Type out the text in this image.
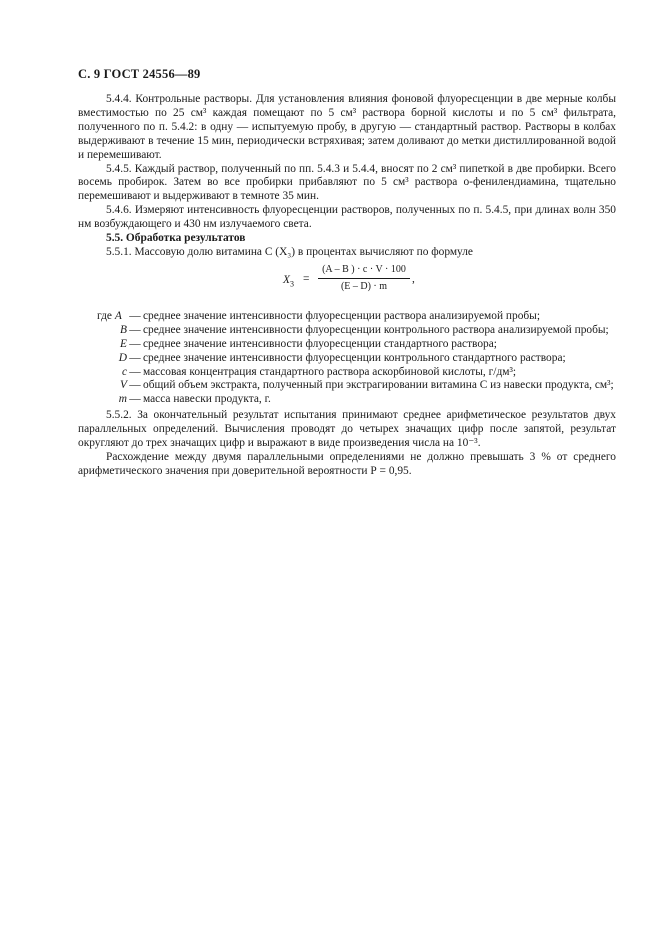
С. 9 ГОСТ 24556—89

5.4.4. Контрольные растворы. Для установления влияния фоновой флуоресценции в две мерные колбы вместимостью по 25 см³ каждая помещают по 5 см³ раствора борной кислоты и по 5 см³ фильтрата, полученного по п. 5.4.2: в одну — испытуемую пробу, в другую — стандартный раствор. Растворы в колбах выдерживают в течение 15 мин, периодически встряхивая; затем доливают до метки дистиллированной водой и перемешивают.

5.4.5. Каждый раствор, полученный по пп. 5.4.3 и 5.4.4, вносят по 2 см³ пипеткой в две пробирки. Всего восемь пробирок. Затем во все пробирки прибавляют по 5 см³ раствора о-фенилендиамина, тщательно перемешивают и выдерживают в темноте 35 мин.

5.4.6. Измеряют интенсивность флуоресценции растворов, полученных по п. 5.4.5, при длинах волн 350 нм возбуждающего и 430 нм излучаемого света.

5.5. Обработка результатов

5.5.1. Массовую долю витамина С (X₃) в процентах вычисляют по формуле

$X_3 = \frac{(A - B ) \cdot c \cdot V \cdot 100}{(E - D) \cdot m}$ ,
где A — среднее значение интенсивности флуоресценции раствора анализируемой пробы;
B — среднее значение интенсивности флуоресценции контрольного раствора анализируемой пробы;
E — среднее значение интенсивности флуоресценции стандартного раствора;
D — среднее значение интенсивности флуоресценции контрольного стандартного раствора;
c — массовая концентрация стандартного раствора аскорбиновой кислоты, г/дм³;
V — общий объем экстракта, полученный при экстрагировании витамина С из навески продукта, см³;
m — масса навески продукта, г.

5.5.2. За окончательный результат испытания принимают среднее арифметическое результатов двух параллельных определений. Вычисления проводят до четырех значащих цифр после запятой, результат округляют до трех значащих цифр и выражают в виде произведения числа на 10⁻³.

Расхождение между двумя параллельными определениями не должно превышать 3 % от среднего арифметического значения при доверительной вероятности Р = 0,95.
